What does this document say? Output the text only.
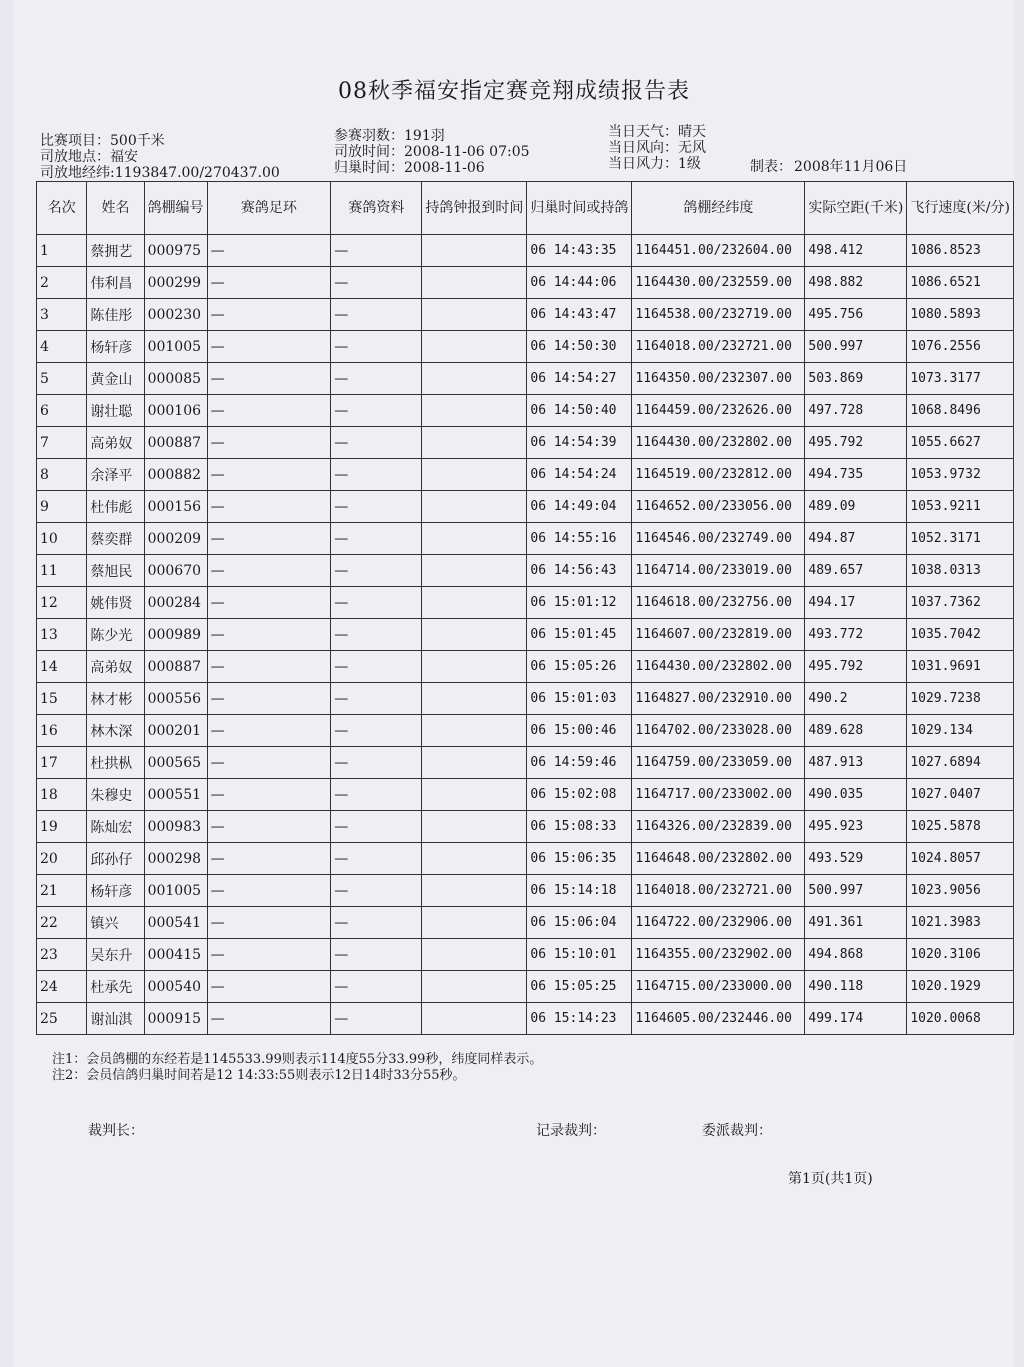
08秋季福安指定赛竞翔成绩报告表
比赛项目：500千米
司放地点：福安
司放地经纬:1193847.00/270437.00
参赛羽数：191羽
司放时间：2008-11-06 07:05
归巢时间：2008-11-06
当日天气：晴天
当日风向：无风
当日风力：1级	制表： 2008年11月06日
名次	姓名	鸽棚编号	赛鸽足环	赛鸽资料	持鸽钟报到时间	归巢时间或持鸽	鸽棚经纬度	实际空距(千米)	飞行速度(米/分)
1	蔡拥艺	000975	—	—		06 14:43:35	1164451.00/232604.00	498.412	1086.8523
2	伟利昌	000299	—	—		06 14:44:06	1164430.00/232559.00	498.882	1086.6521
3	陈佳彤	000230	—	—		06 14:43:47	1164538.00/232719.00	495.756	1080.5893
4	杨轩彦	001005	—	—		06 14:50:30	1164018.00/232721.00	500.997	1076.2556
5	黄金山	000085	—	—		06 14:54:27	1164350.00/232307.00	503.869	1073.3177
6	谢壮聪	000106	—	—		06 14:50:40	1164459.00/232626.00	497.728	1068.8496
7	高弟奴	000887	—	—		06 14:54:39	1164430.00/232802.00	495.792	1055.6627
8	余泽平	000882	—	—		06 14:54:24	1164519.00/232812.00	494.735	1053.9732
9	杜伟彪	000156	—	—		06 14:49:04	1164652.00/233056.00	489.09	1053.9211
10	蔡奕群	000209	—	—		06 14:55:16	1164546.00/232749.00	494.87	1052.3171
11	蔡旭民	000670	—	—		06 14:56:43	1164714.00/233019.00	489.657	1038.0313
12	姚伟贤	000284	—	—		06 15:01:12	1164618.00/232756.00	494.17	1037.7362
13	陈少光	000989	—	—		06 15:01:45	1164607.00/232819.00	493.772	1035.7042
14	高弟奴	000887	—	—		06 15:05:26	1164430.00/232802.00	495.792	1031.9691
15	林才彬	000556	—	—		06 15:01:03	1164827.00/232910.00	490.2	1029.7238
16	林木深	000201	—	—		06 15:00:46	1164702.00/233028.00	489.628	1029.134
17	杜拱枞	000565	—	—		06 14:59:46	1164759.00/233059.00	487.913	1027.6894
18	朱穆史	000551	—	—		06 15:02:08	1164717.00/233002.00	490.035	1027.0407
19	陈灿宏	000983	—	—		06 15:08:33	1164326.00/232839.00	495.923	1025.5878
20	邱孙仔	000298	—	—		06 15:06:35	1164648.00/232802.00	493.529	1024.8057
21	杨轩彦	001005	—	—		06 15:14:18	1164018.00/232721.00	500.997	1023.9056
22	镇兴	000541	—	—		06 15:06:04	1164722.00/232906.00	491.361	1021.3983
23	吴东升	000415	—	—		06 15:10:01	1164355.00/232902.00	494.868	1020.3106
24	杜承先	000540	—	—		06 15:05:25	1164715.00/233000.00	490.118	1020.1929
25	谢汕淇	000915	—	—		06 15:14:23	1164605.00/232446.00	499.174	1020.0068
注1：会员鸽棚的东经若是1145533.99则表示114度55分33.99秒，纬度同样表示。
注2：会员信鸽归巢时间若是12 14:33:55则表示12日14时33分55秒。
裁判长：	记录裁判：	委派裁判：
第1页(共1页)
